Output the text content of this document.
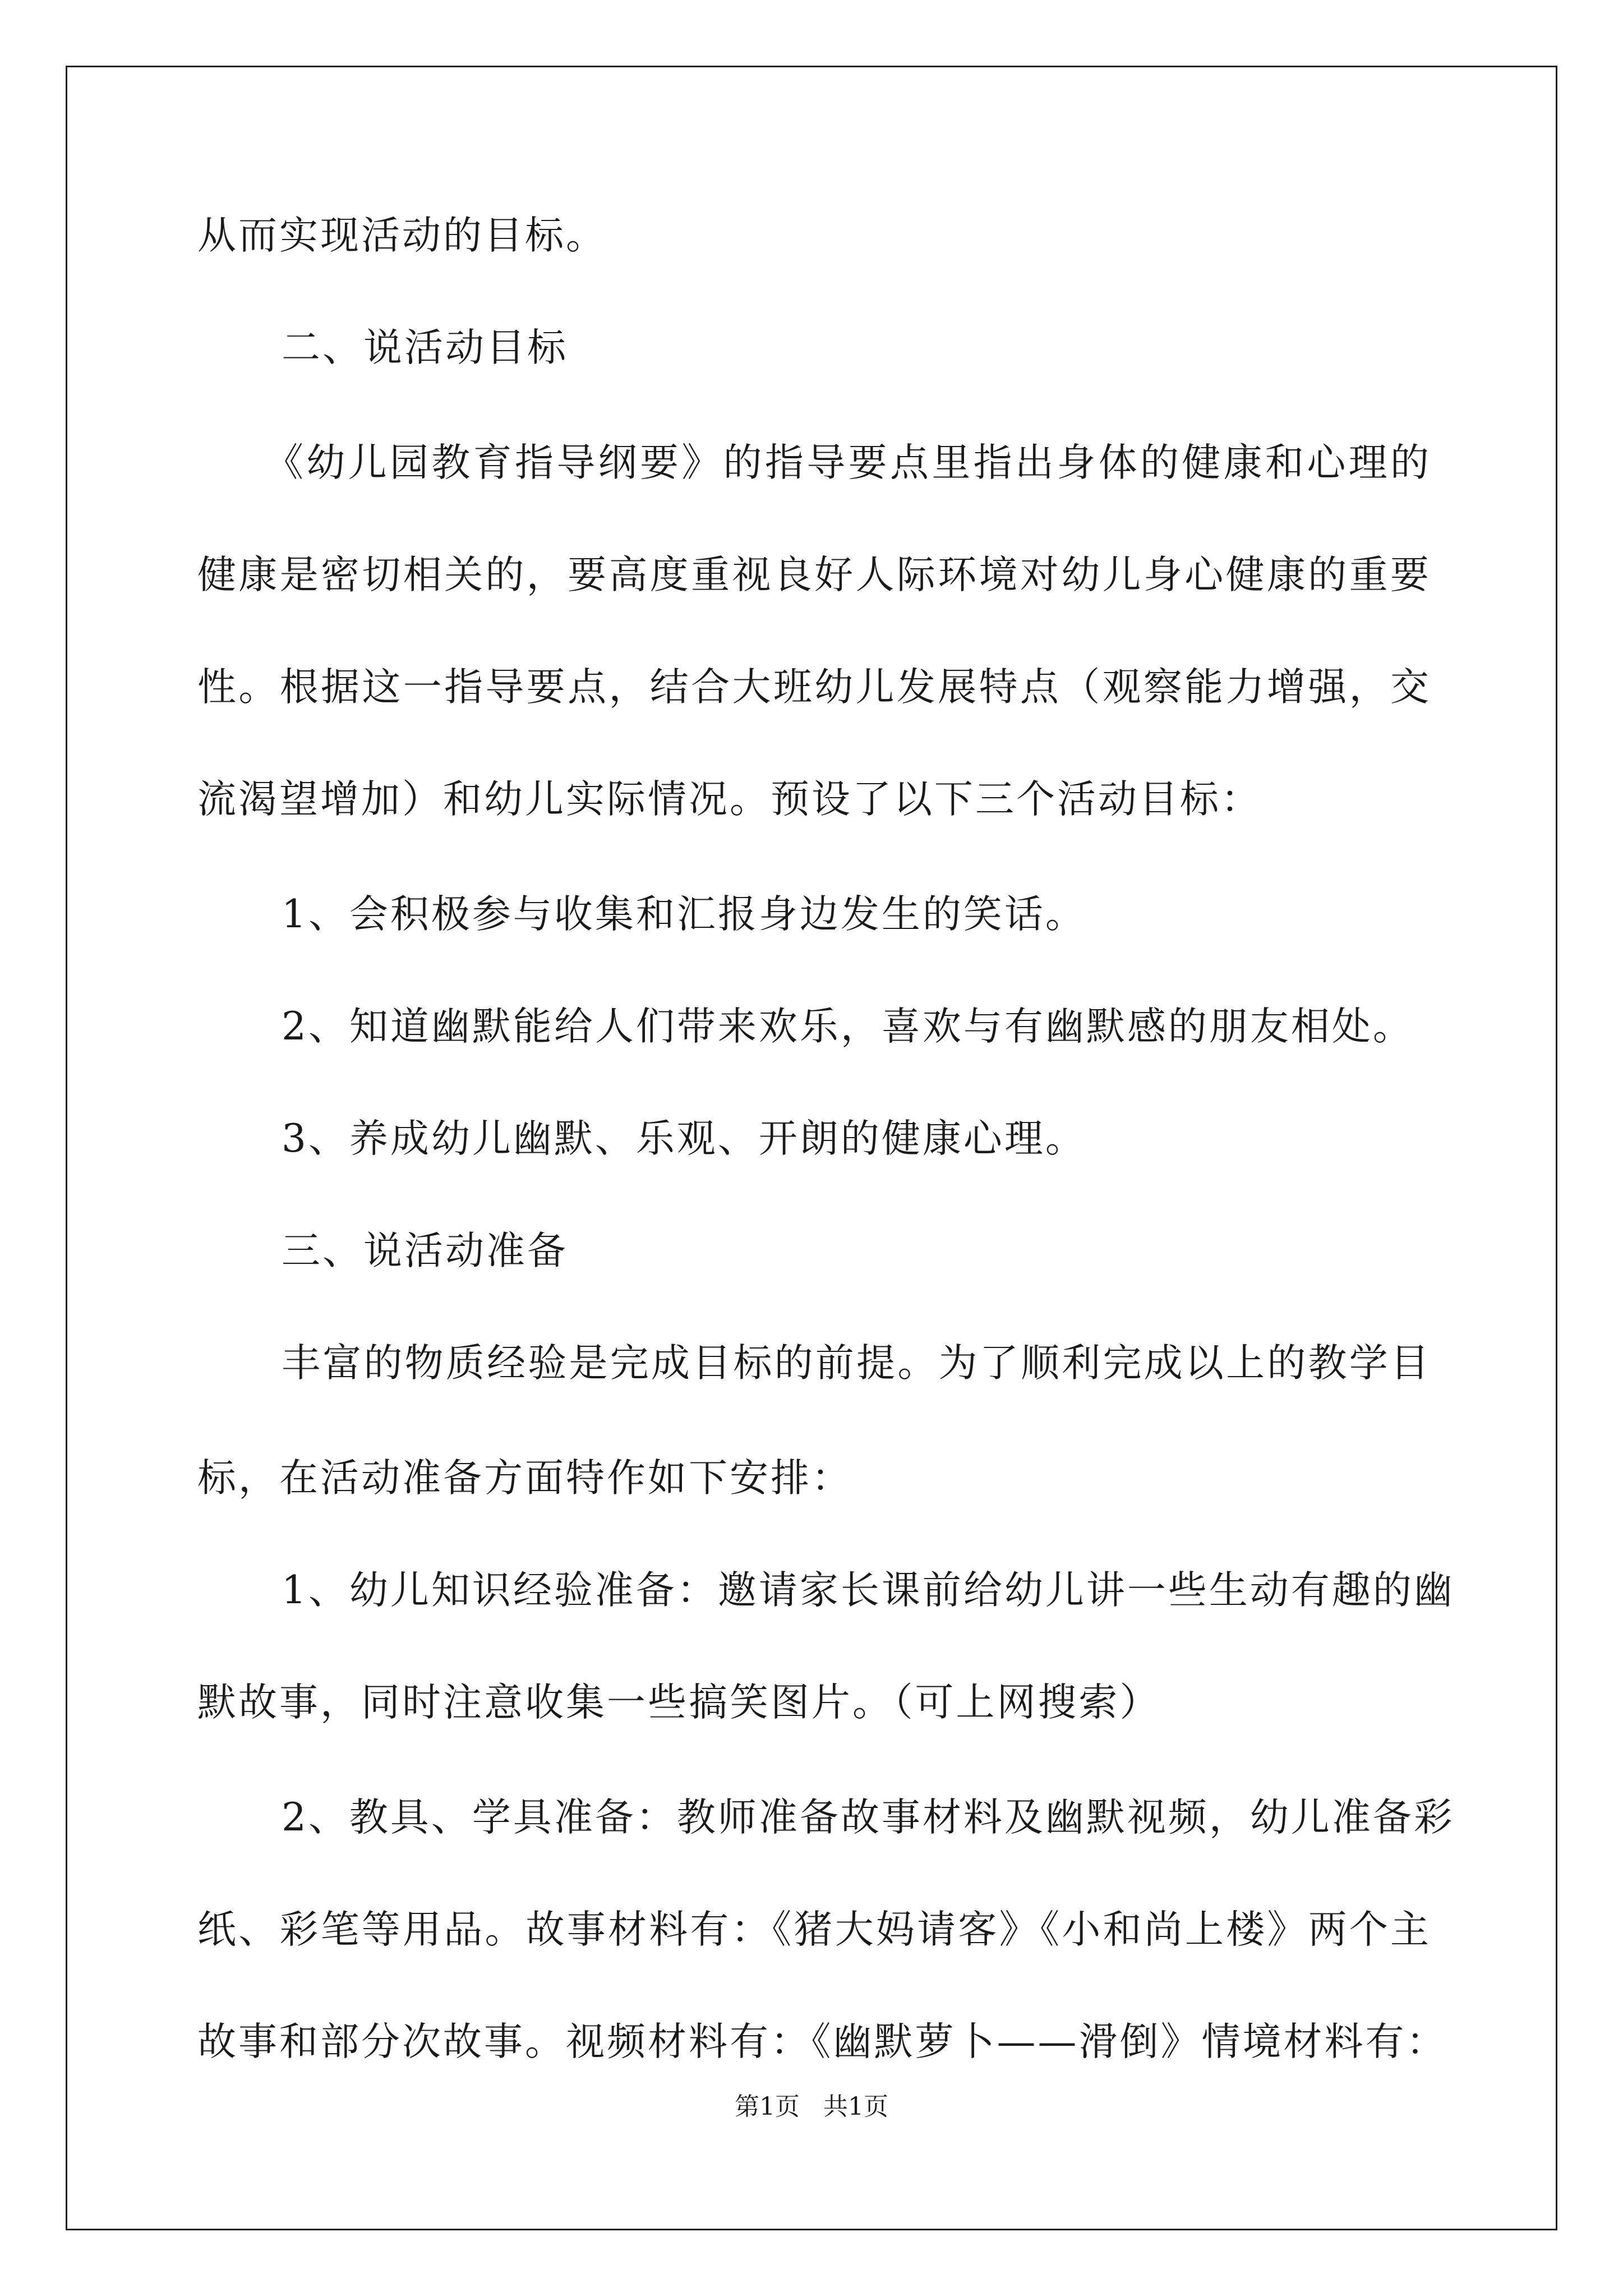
从而实现活动的目标。
二、说活动目标
《幼儿园教育指导纲要》的指导要点里指出身体的健康和心理的
健康是密切相关的，要高度重视良好人际环境对幼儿身心健康的重要
性。根据这一指导要点，结合大班幼儿发展特点（观察能力增强，交
流渴望增加）和幼儿实际情况。预设了以下三个活动目标：
1、会积极参与收集和汇报身边发生的笑话。
2、知道幽默能给人们带来欢乐，喜欢与有幽默感的朋友相处。
3、养成幼儿幽默、乐观、开朗的健康心理。
三、说活动准备
丰富的物质经验是完成目标的前提。为了顺利完成以上的教学目
标，在活动准备方面特作如下安排：
1、幼儿知识经验准备：邀请家长课前给幼儿讲一些生动有趣的幽
默故事，同时注意收集一些搞笑图片。（可上网搜索）
2、教具、学具准备：教师准备故事材料及幽默视频，幼儿准备彩
纸、彩笔等用品。故事材料有：《猪大妈请客》《小和尚上楼》两个主
故事和部分次故事。视频材料有：《幽默萝卜——滑倒》情境材料有：
第1页   共1页
